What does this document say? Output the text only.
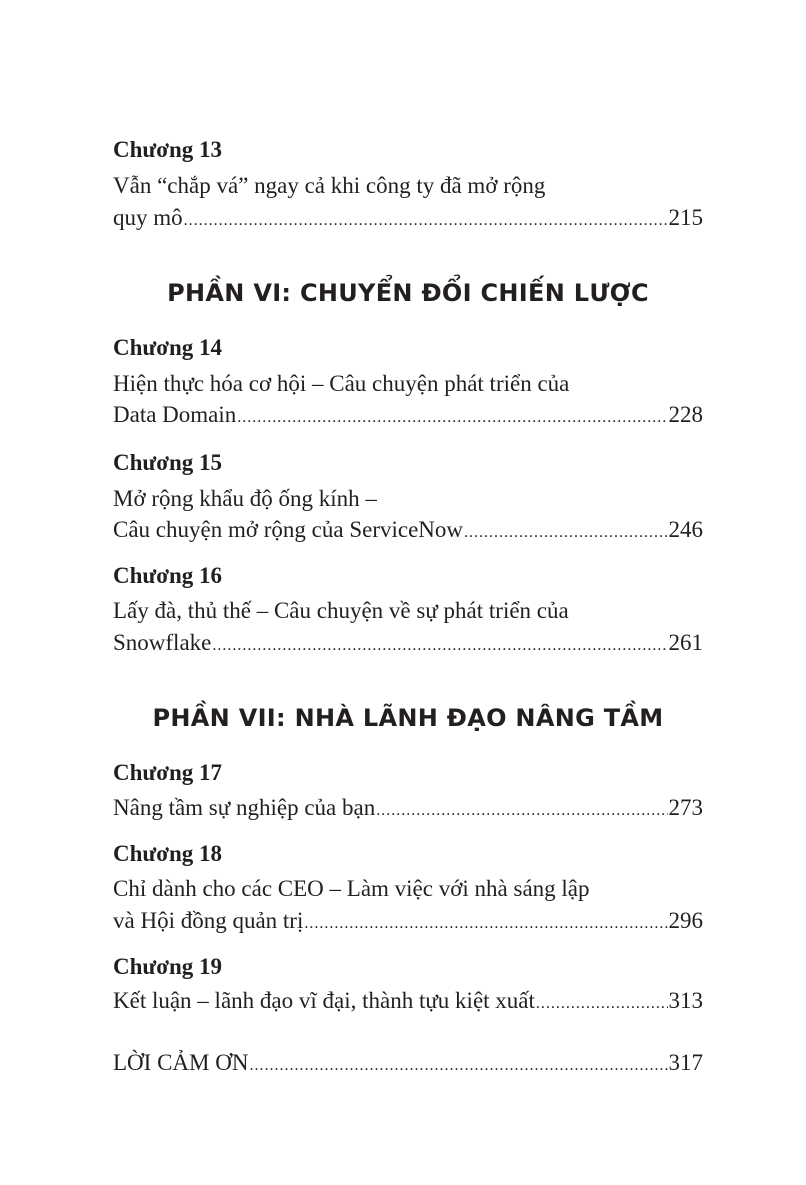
Chương 13
Vẫn “chắp vá” ngay cả khi công ty đã mở rộng
quy mô .....	215
PHẦN VI: CHUYỂN ĐỔI CHIẾN LƯỢC
Chương 14
Hiện thực hóa cơ hội – Câu chuyện phát triển của
Data Domain .....	228
Chương 15
Mở rộng khẩu độ ống kính –
Câu chuyện mở rộng của ServiceNow .....	246
Chương 16
Lấy đà, thủ thế – Câu chuyện về sự phát triển của
Snowflake .....	261
PHẦN VII: NHÀ LÃNH ĐẠO NÂNG TẦM
Chương 17
Nâng tầm sự nghiệp của bạn .....	273
Chương 18
Chỉ dành cho các CEO – Làm việc với nhà sáng lập
và Hội đồng quản trị .....	296
Chương 19
Kết luận – lãnh đạo vĩ đại, thành tựu kiệt xuất .....	313
LỜI CẢM ƠN .....	317
